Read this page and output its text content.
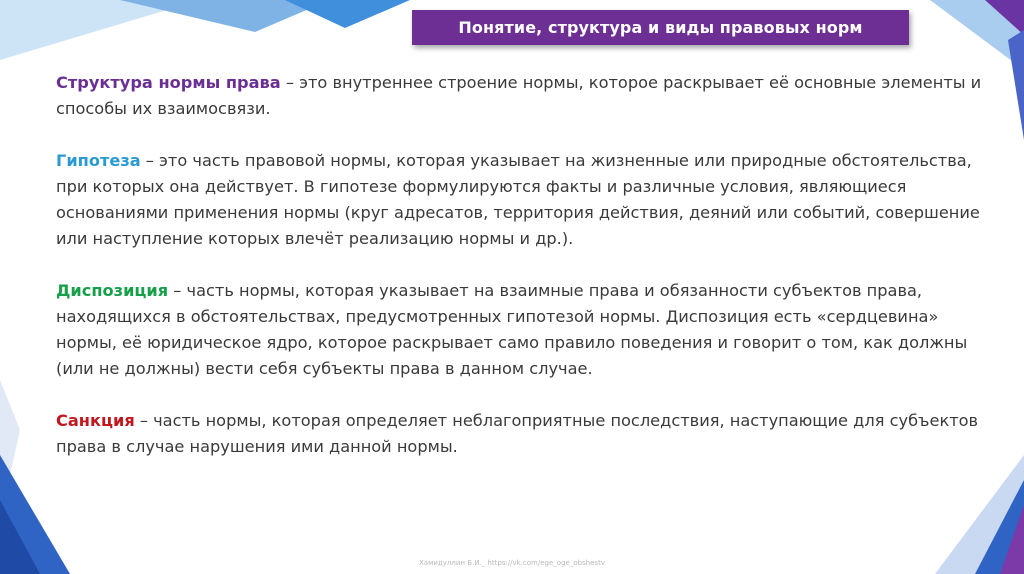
Понятие, структура и виды правовых норм

Структура нормы права – это внутреннее строение нормы, которое раскрывает её основные элементы и способы их взаимосвязи.

Гипотеза – это часть правовой нормы, которая указывает на жизненные или природные обстоятельства, при которых она действует. В гипотезе формулируются факты и различные условия, являющиеся основаниями применения нормы (круг адресатов, территория действия, деяний или событий, совершение или наступление которых влечёт реализацию нормы и др.).

Диспозиция – часть нормы, которая указывает на взаимные права и обязанности субъектов права, находящихся в обстоятельствах, предусмотренных гипотезой нормы. Диспозиция есть «сердцевина» нормы, её юридическое ядро, которое раскрывает само правило поведения и говорит о том, как должны (или не должны) вести себя субъекты права в данном случае.

Санкция – часть нормы, которая определяет неблагоприятные последствия, наступающие для субъектов права в случае нарушения ими данной нормы.

Хамидуллин Б.И._ https://vk.com/ege_oge_obshestv
